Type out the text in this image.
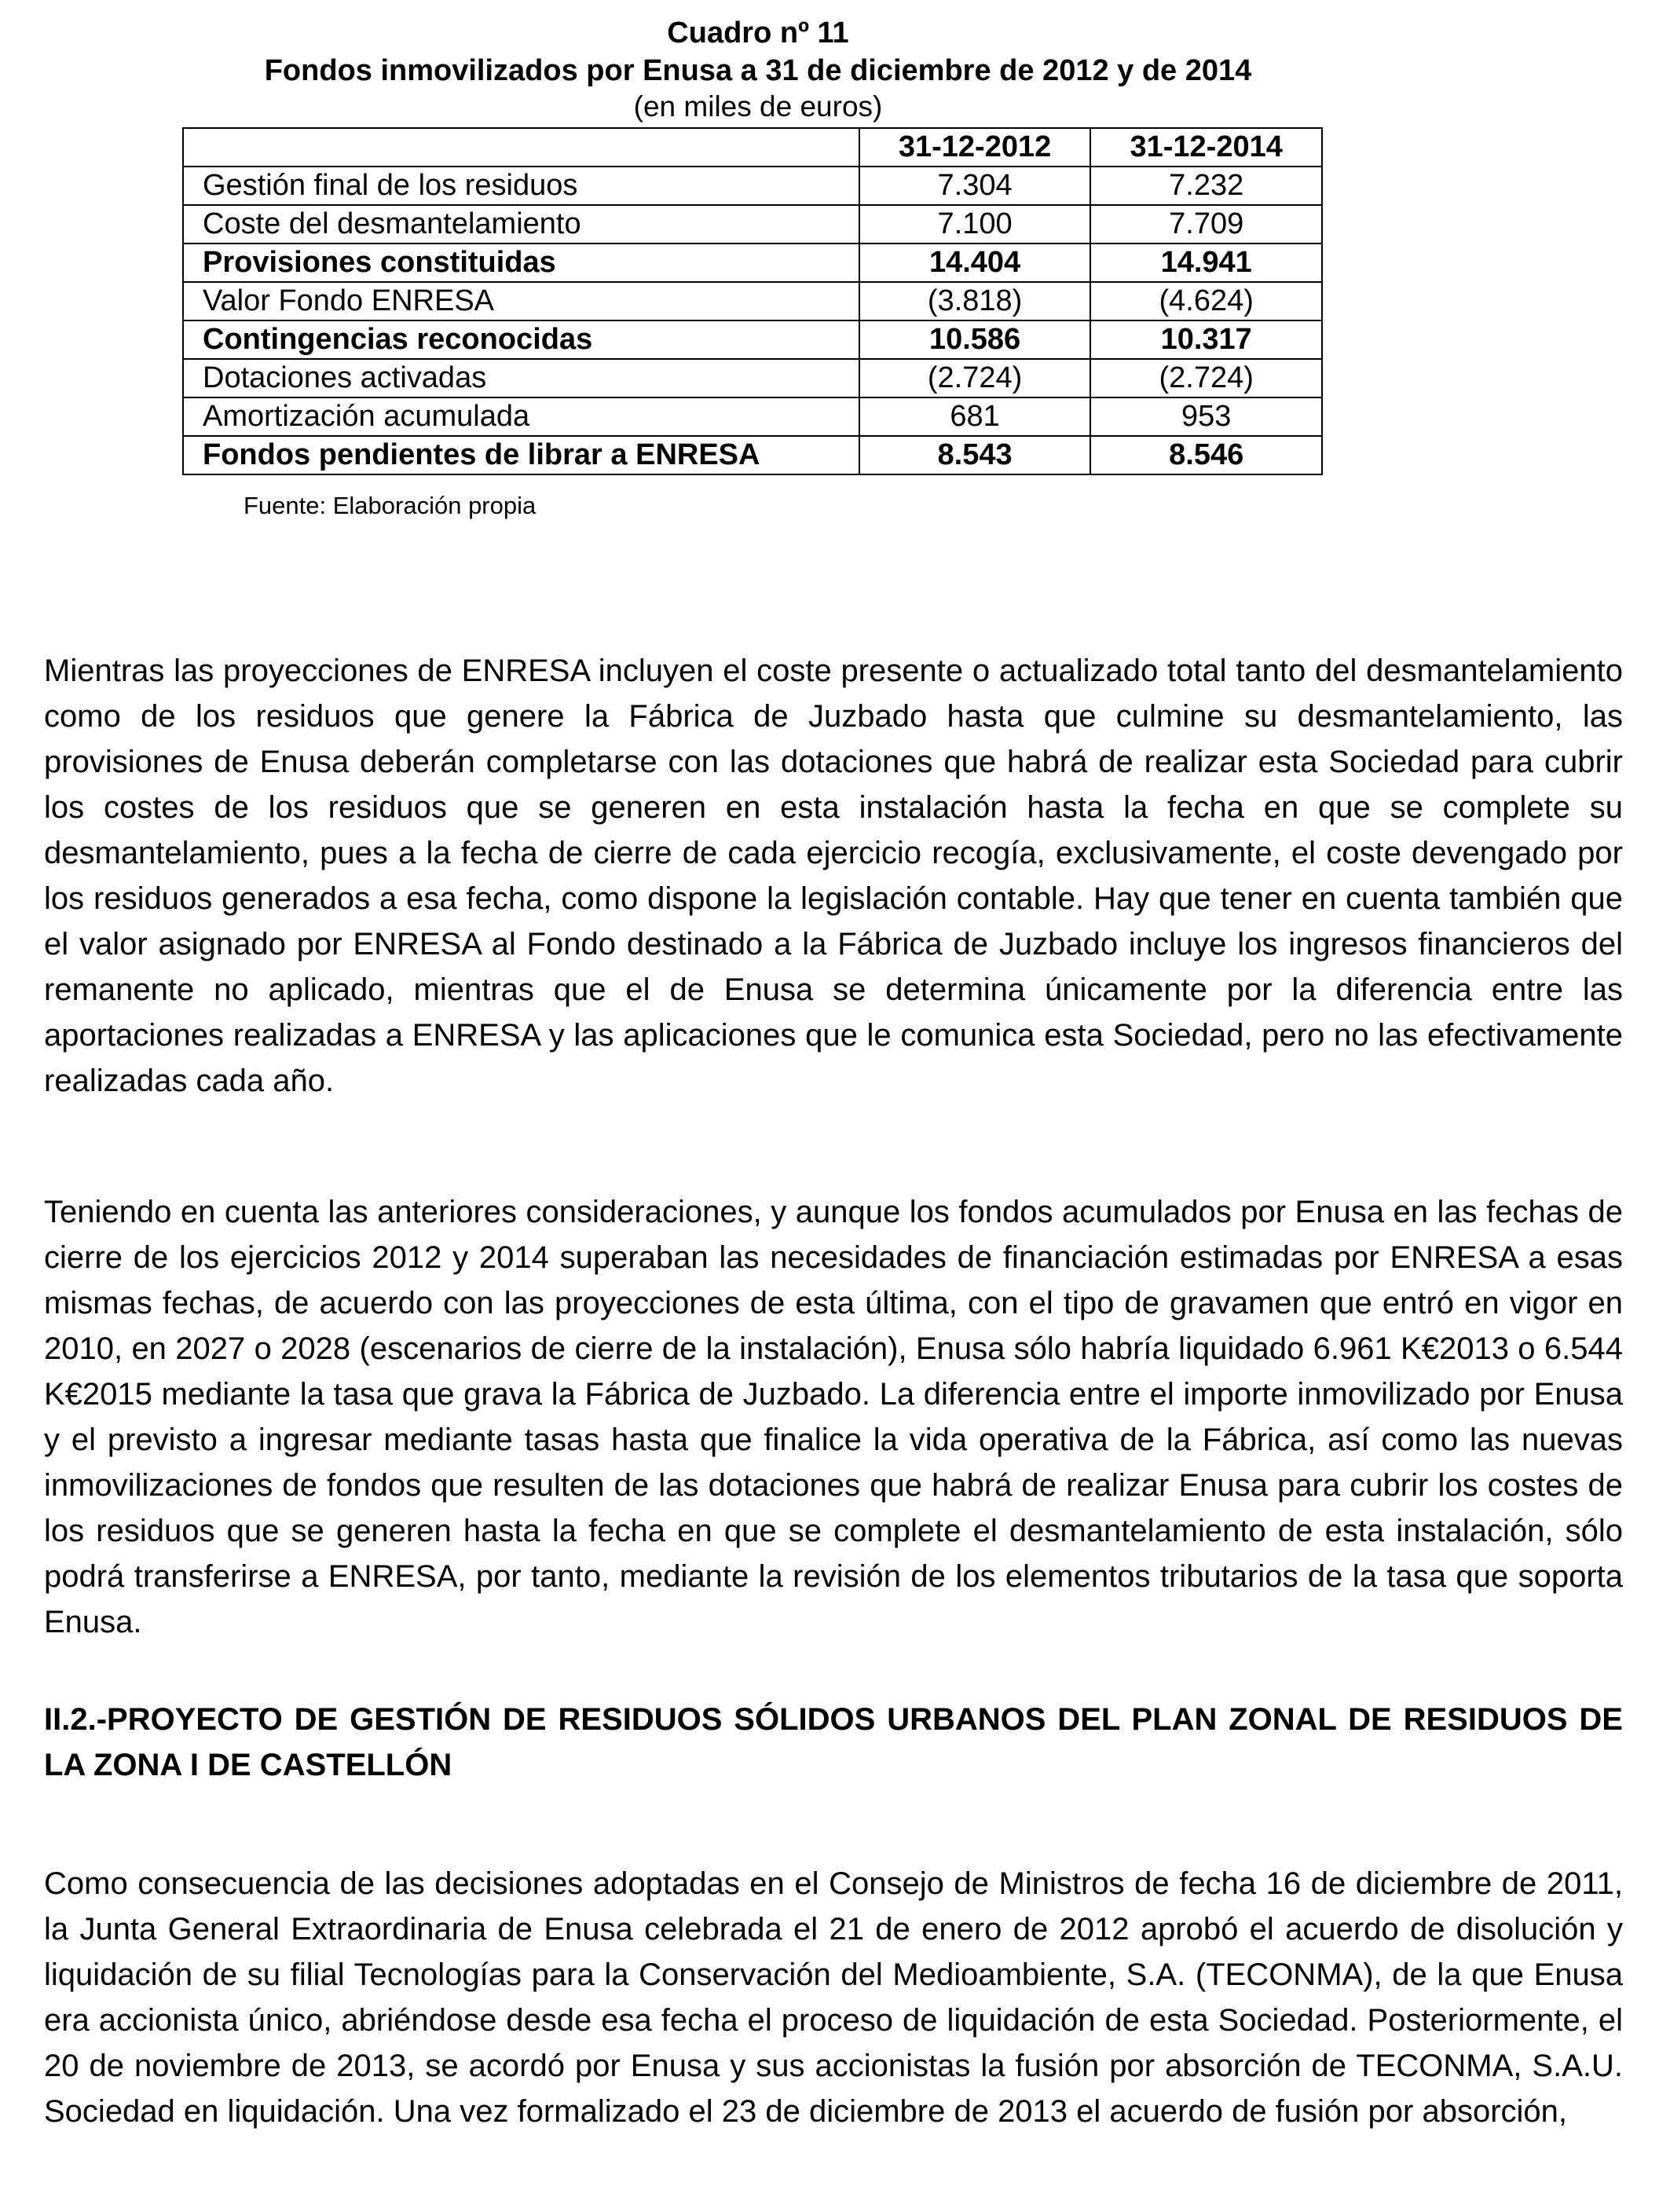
Cuadro nº 11
Fondos inmovilizados por Enusa a 31 de diciembre de 2012 y de 2014
(en miles de euros)
	31-12-2012	31-12-2014
Gestión final de los residuos	7.304	7.232
Coste del desmantelamiento	7.100	7.709
Provisiones constituidas	14.404	14.941
Valor Fondo ENRESA	(3.818)	(4.624)
Contingencias reconocidas	10.586	10.317
Dotaciones activadas	(2.724)	(2.724)
Amortización acumulada	681	953
Fondos pendientes de librar a ENRESA	8.543	8.546
Fuente: Elaboración propia

Mientras las proyecciones de ENRESA incluyen el coste presente o actualizado total tanto del desmantelamiento como de los residuos que genere la Fábrica de Juzbado hasta que culmine su desmantelamiento, las provisiones de Enusa deberán completarse con las dotaciones que habrá de realizar esta Sociedad para cubrir los costes de los residuos que se generen en esta instalación hasta la fecha en que se complete su desmantelamiento, pues a la fecha de cierre de cada ejercicio recogía, exclusivamente, el coste devengado por los residuos generados a esa fecha, como dispone la legislación contable. Hay que tener en cuenta también que el valor asignado por ENRESA al Fondo destinado a la Fábrica de Juzbado incluye los ingresos financieros del remanente no aplicado, mientras que el de Enusa se determina únicamente por la diferencia entre las aportaciones realizadas a ENRESA y las aplicaciones que le comunica esta Sociedad, pero no las efectivamente realizadas cada año.

Teniendo en cuenta las anteriores consideraciones, y aunque los fondos acumulados por Enusa en las fechas de cierre de los ejercicios 2012 y 2014 superaban las necesidades de financiación estimadas por ENRESA a esas mismas fechas, de acuerdo con las proyecciones de esta última, con el tipo de gravamen que entró en vigor en 2010, en 2027 o 2028 (escenarios de cierre de la instalación), Enusa sólo habría liquidado 6.961 K€2013 o 6.544 K€2015 mediante la tasa que grava la Fábrica de Juzbado. La diferencia entre el importe inmovilizado por Enusa y el previsto a ingresar mediante tasas hasta que finalice la vida operativa de la Fábrica, así como las nuevas inmovilizaciones de fondos que resulten de las dotaciones que habrá de realizar Enusa para cubrir los costes de los residuos que se generen hasta la fecha en que se complete el desmantelamiento de esta instalación, sólo podrá transferirse a ENRESA, por tanto, mediante la revisión de los elementos tributarios de la tasa que soporta Enusa.

II.2.-PROYECTO DE GESTIÓN DE RESIDUOS SÓLIDOS URBANOS DEL PLAN ZONAL DE RESIDUOS DE LA ZONA I DE CASTELLÓN

Como consecuencia de las decisiones adoptadas en el Consejo de Ministros de fecha 16 de diciembre de 2011, la Junta General Extraordinaria de Enusa celebrada el 21 de enero de 2012 aprobó el acuerdo de disolución y liquidación de su filial Tecnologías para la Conservación del Medioambiente, S.A. (TECONMA), de la que Enusa era accionista único, abriéndose desde esa fecha el proceso de liquidación de esta Sociedad. Posteriormente, el 20 de noviembre de 2013, se acordó por Enusa y sus accionistas la fusión por absorción de TECONMA, S.A.U. Sociedad en liquidación. Una vez formalizado el 23 de diciembre de 2013 el acuerdo de fusión por absorción,
